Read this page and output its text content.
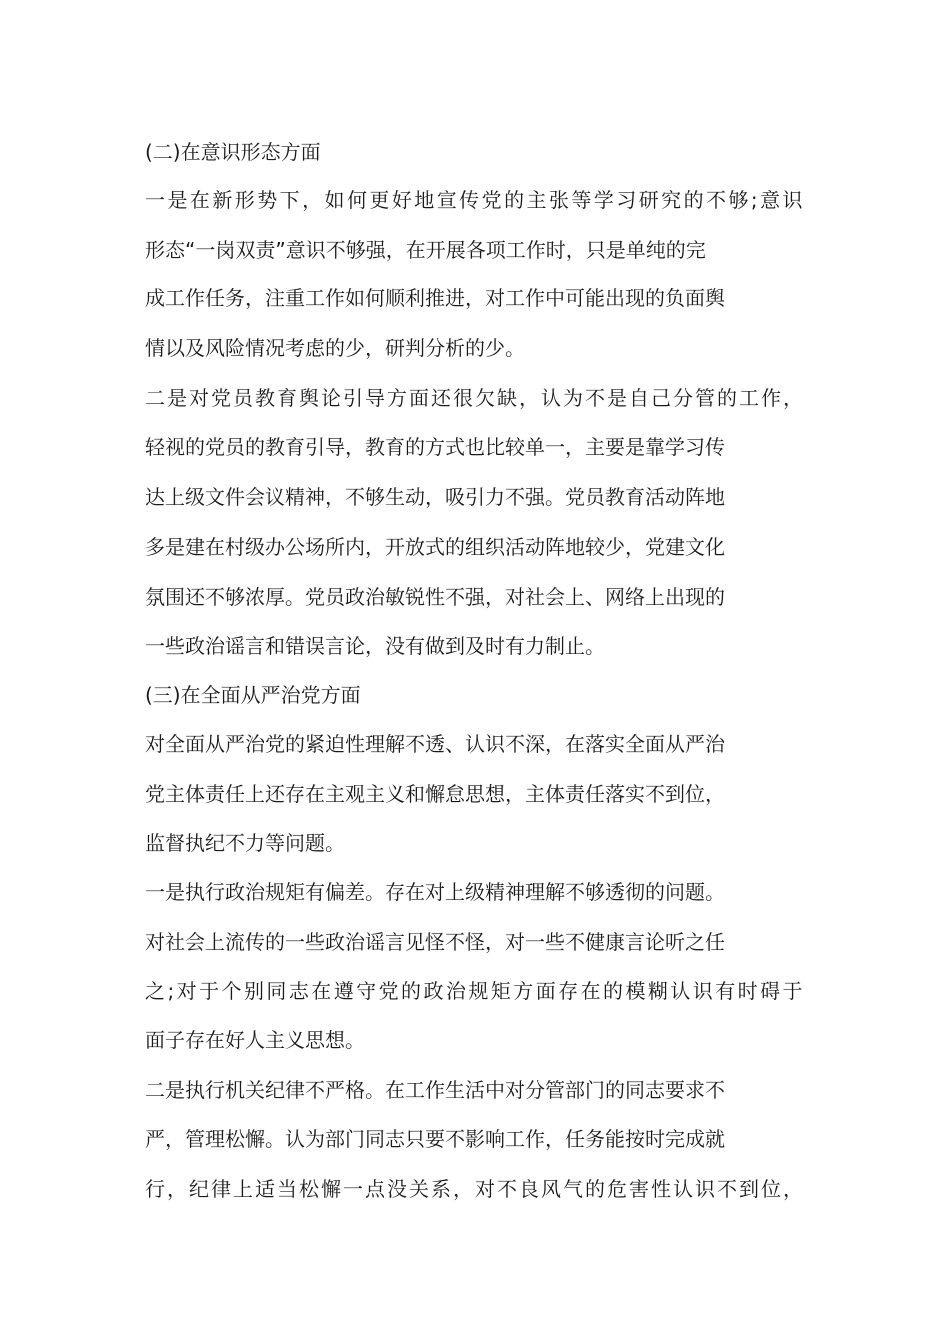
(二)在意识形态方面
一是在新形势下，如何更好地宣传党的主张等学习研究的不够;意识
形态“一岗双责”意识不够强，在开展各项工作时，只是单纯的完
成工作任务，注重工作如何顺利推进，对工作中可能出现的负面舆
情以及风险情况考虑的少，研判分析的少。
二是对党员教育舆论引导方面还很欠缺，认为不是自己分管的工作，
轻视的党员的教育引导，教育的方式也比较单一，主要是靠学习传
达上级文件会议精神，不够生动，吸引力不强。党员教育活动阵地
多是建在村级办公场所内，开放式的组织活动阵地较少，党建文化
氛围还不够浓厚。党员政治敏锐性不强，对社会上、网络上出现的
一些政治谣言和错误言论，没有做到及时有力制止。
(三)在全面从严治党方面
对全面从严治党的紧迫性理解不透、认识不深，在落实全面从严治
党主体责任上还存在主观主义和懈怠思想，主体责任落实不到位，
监督执纪不力等问题。
一是执行政治规矩有偏差。存在对上级精神理解不够透彻的问题。
对社会上流传的一些政治谣言见怪不怪，对一些不健康言论听之任
之;对于个别同志在遵守党的政治规矩方面存在的模糊认识有时碍于
面子存在好人主义思想。
二是执行机关纪律不严格。在工作生活中对分管部门的同志要求不
严，管理松懈。认为部门同志只要不影响工作，任务能按时完成就
行，纪律上适当松懈一点没关系，对不良风气的危害性认识不到位，
